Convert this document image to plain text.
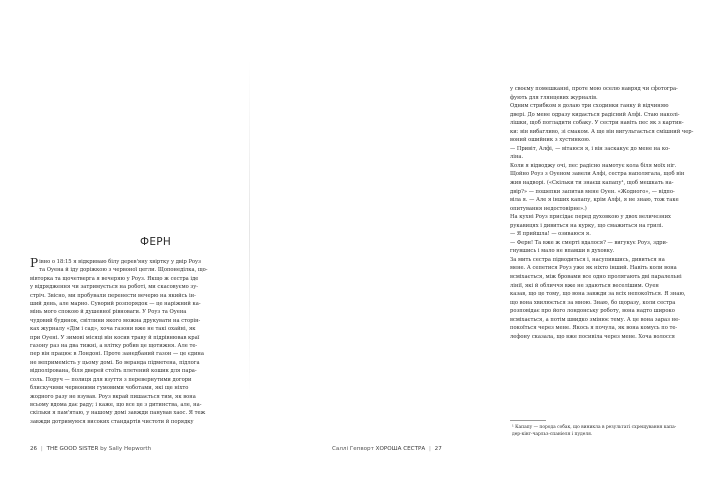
ФЕРН
Р івно о 18:15 я відкриваю білу дерев'яну хвіртку у двір Роуз
та Оуена й іду доріжкою з червоної цегли. Щопонеділка, що-
вівторка та щочетверга я вечеряю у Роуз. Якщо ж сестра іде
у відрядження чи затримується на роботі, ми скасовуємо зу-
стріч. Звісно, ми пробували перенести вечерю на якийсь ін-
ший день, але марно. Суворий розпорядок — це наріжний ка-
мінь мого спокою й душевної рівноваги. У Роуз та Оуена
чудовий будинок, світлини якого можна друкувати на сторін-
ках журналу «Дім і сад», хоча газони вже не такі охайні, як
при Оуені. У зимові місяці він косив траву й підрівнював краї
газону раз на два тижні, а влітку робив це щотижня. Але те-
пер він працює в Лондоні. Проте занедбаний газон — це єдина
не вепримемість у цьому домі. Бо веранда підметена, підлога
відполірована, біля дверей стоїть плетений кошик для пара-
соль. Поруч — полиця для взуття з перевернутими догори
блискучими червоними гумовими чоботами, які ще ніхто
жодного разу не взував. Роуз вкрай пишається тим, як вона
всьому вдома дає раду; і каже, що все це з дитинства, але, на-
скільки я пам'ятаю, у нашому домі завжди панував хаос. Я теж
завжди дотримуюся високих стандартів чистоти й порядку
26 | THE GOOD SISTER by Sally Hepworth
у своєму помешканні, проте мою оселю навряд чи сфотогра-
фують для глянцевих журналів.
Одним стрибком я долаю три сходинки ганку й відчиняю
двері. До мене одразу кидається радісний Алфі. Стаю наколі-
лішки, щоб погладити собаку. У сестри навіть пес як з картин-
ки: він вибагливо, зі смаком. А ще він вигульгається смішний чер-
воний ошийник з хустинкою.
— Привіт, Алфі, — вітаюся я, і він заскакує до мене на ко-
ліна.
Коли я відводжу очі, пес радісно намотує кола біля моїх ніг.
Щойно Роуз з Оуеном завели Алфі, сестра наполягала, щоб він
жив надворі. («Скільки ти знаєш капапу¹, щоб мешкать на-
двір?» — пошепки запитав мене Оуен. «Жодного», — відпо-
віла я. — Але я інших капапу, крім Алфі, я не знаю, тож таке
опитування недостовірне».)
На кухні Роуз присідає перед духовкою у двох величезних
рукавицях і дивиться на курку, що смажиться на грилі.
— Я прийшла! — озиваюся я.
— Ферн! Та вже ж смерті вдалося? — вигукує Роуз, здри-
гнувшись і мало не впавши в духовку.
За мить сестра підводиться і, насупившись, дивиться на
мене. А сепетися Роуз уже як ніхто інший. Навіть коли вона
всміхається, між бровами все одно пролягають дві паралельні
лінії, які й обличчя вже не здаються веселішим. Оуен
казав, що це тому, що вона завжди за всіх непокоїться. Я знаю,
що вона хвилюється за мною. Знаю, бо щоразу, коли сестра
розповідає про його лондонську роботу, вона надто широко
всміхається, а потім швидко змінює тему. А це вона зараз не-
покоїться через мене. Якось я почула, як вона комусь по те-
лефону сказала, що вже посивіла через мене. Хоча волосся
¹ Капапу — порода собак, що виникла в результаті схрещування капа-
дер-кінг-чарльз-спаніеля і пуделя.
Саллі Гепворт ХОРОША СЕСТРА | 27
